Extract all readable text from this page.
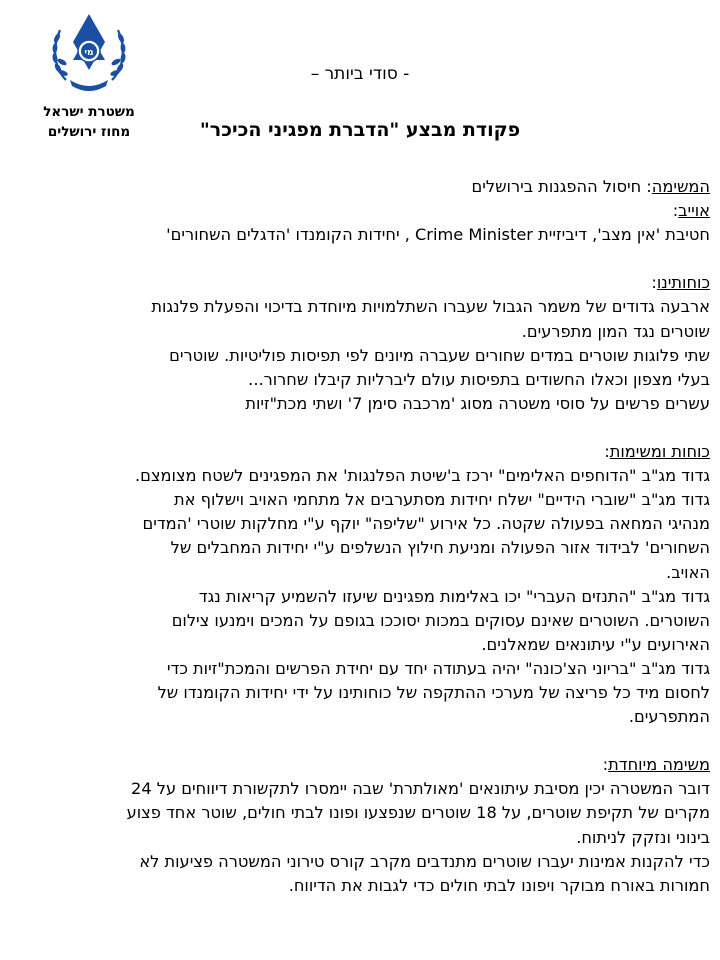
מי
משטרת ישראל
מחוז ירושלים
- סודי ביותר –
פקודת מבצע "הדברת מפגיני הכיכר"

המשימה: חיסול ההפגנות בירושלים

אוייב:

חטיבת 'אין מצב', דיביזיית Crime Minister , יחידות הקומנדו 'הדגלים השחורים'

כוחותינו:

ארבעה גדודים של משמר הגבול שעברו השתלמויות מיוחדת בדיכוי והפעלת פלנגות

שוטרים נגד המון מתפרעים.

שתי פלוגות שוטרים במדים שחורים שעברה מיונים לפי תפיסות פוליטיות. שוטרים

בעלי מצפון וכאלו החשודים בתפיסות עולם ליברליות קיבלו שחרור...

עשרים פרשים על סוסי משטרה מסוג 'מרכבה סימן 7' ושתי מכת"זיות

כוחות ומשימות:

גדוד מג"ב "הדוחפים האלימים" ירכז ב'שיטת הפלנגות' את המפגינים לשטח מצומצם.

גדוד מג"ב "שוברי הידיים" ישלח יחידות מסתערבים אל מתחמי האויב וישלוף את

מנהיגי המחאה בפעולה שקטה. כל אירוע "שליפה" יוקף ע"י מחלקות שוטרי 'המדים

השחורים' לבידוד אזור הפעולה ומניעת חילוץ הנשלפים ע"י יחידות המחבלים של

האויב.

גדוד מג"ב "התנזים העברי" יכו באלימות מפגינים שיעזו להשמיע קריאות נגד

השוטרים. השוטרים שאינם עסוקים במכות יסוככו בגופם על המכים וימנעו צילום

האירועים ע"י עיתונאים שמאלנים.

גדוד מג"ב "בריוני הצ'כונה" יהיה בעתודה יחד עם יחידת הפרשים והמכת"זיות כדי

לחסום מיד כל פריצה של מערכי ההתקפה של כוחותינו על ידי יחידות הקומנדו של

המתפרעים.

משימה מיוחדת:

דובר המשטרה יכין מסיבת עיתונאים 'מאולתרת' שבה יימסרו לתקשורת דיווחים על 24

מקרים של תקיפת שוטרים, על 18 שוטרים שנפצעו ופונו לבתי חולים, שוטר אחד פצוע

בינוני ונזקק לניתוח.

כדי להקנות אמינות יעברו שוטרים מתנדבים מקרב קורס טירוני המשטרה פציעות לא

חמורות באורח מבוקר ויפונו לבתי חולים כדי לגבות את הדיווח.
